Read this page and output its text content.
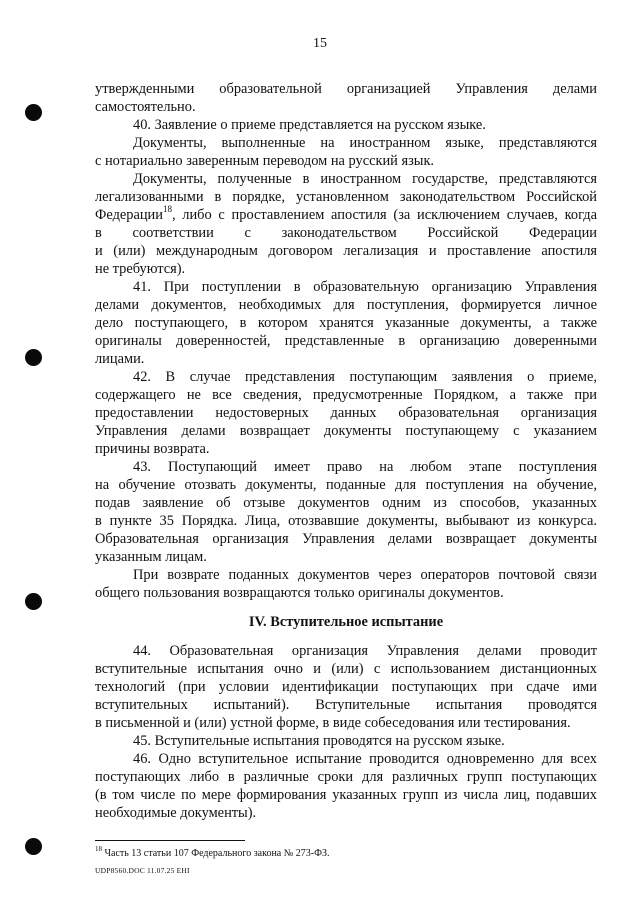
15
утвержденными образовательной организацией Управления делами
самостоятельно.
40. Заявление о приеме представляется на русском языке.
Документы, выполненные на иностранном языке, представляются
с нотариально заверенным переводом на русский язык.
Документы, полученные в иностранном государстве, представляются
легализованными в порядке, установленном законодательством Российской
Федерации$^{18}$, либо с проставлением апостиля (за исключением случаев, когда
в соответствии с законодательством Российской Федерации
и (или) международным договором легализация и проставление апостиля
не требуются).
41. При поступлении в образовательную организацию Управления
делами документов, необходимых для поступления, формируется личное
дело поступающего, в котором хранятся указанные документы, а также
оригиналы доверенностей, представленные в организацию доверенными
лицами.
42. В случае представления поступающим заявления о приеме,
содержащего не все сведения, предусмотренные Порядком, а также при
предоставлении недостоверных данных образовательная организация
Управления делами возвращает документы поступающему с указанием
причины возврата.
43. Поступающий имеет право на любом этапе поступления
на обучение отозвать документы, поданные для поступления на обучение,
подав заявление об отзыве документов одним из способов, указанных
в пункте 35 Порядка. Лица, отозвавшие документы, выбывают из конкурса.
Образовательная организация Управления делами возвращает документы
указанным лицам.
При возврате поданных документов через операторов почтовой связи
общего пользования возвращаются только оригиналы документов.
IV. Вступительное испытание
44. Образовательная организация Управления делами проводит
вступительные испытания очно и (или) с использованием дистанционных
технологий (при условии идентификации поступающих при сдаче ими
вступительных испытаний). Вступительные испытания проводятся
в письменной и (или) устной форме, в виде собеседования или тестирования.
45. Вступительные испытания проводятся на русском языке.
46. Одно вступительное испытание проводится одновременно для всех
поступающих либо в различные сроки для различных групп поступающих
(в том числе по мере формирования указанных групп из числа лиц, подавших
необходимые документы).
$^{18}$ Часть 13 статьи 107 Федерального закона № 273-ФЗ.
UDP8560.DOC 11.07.25 EHI
